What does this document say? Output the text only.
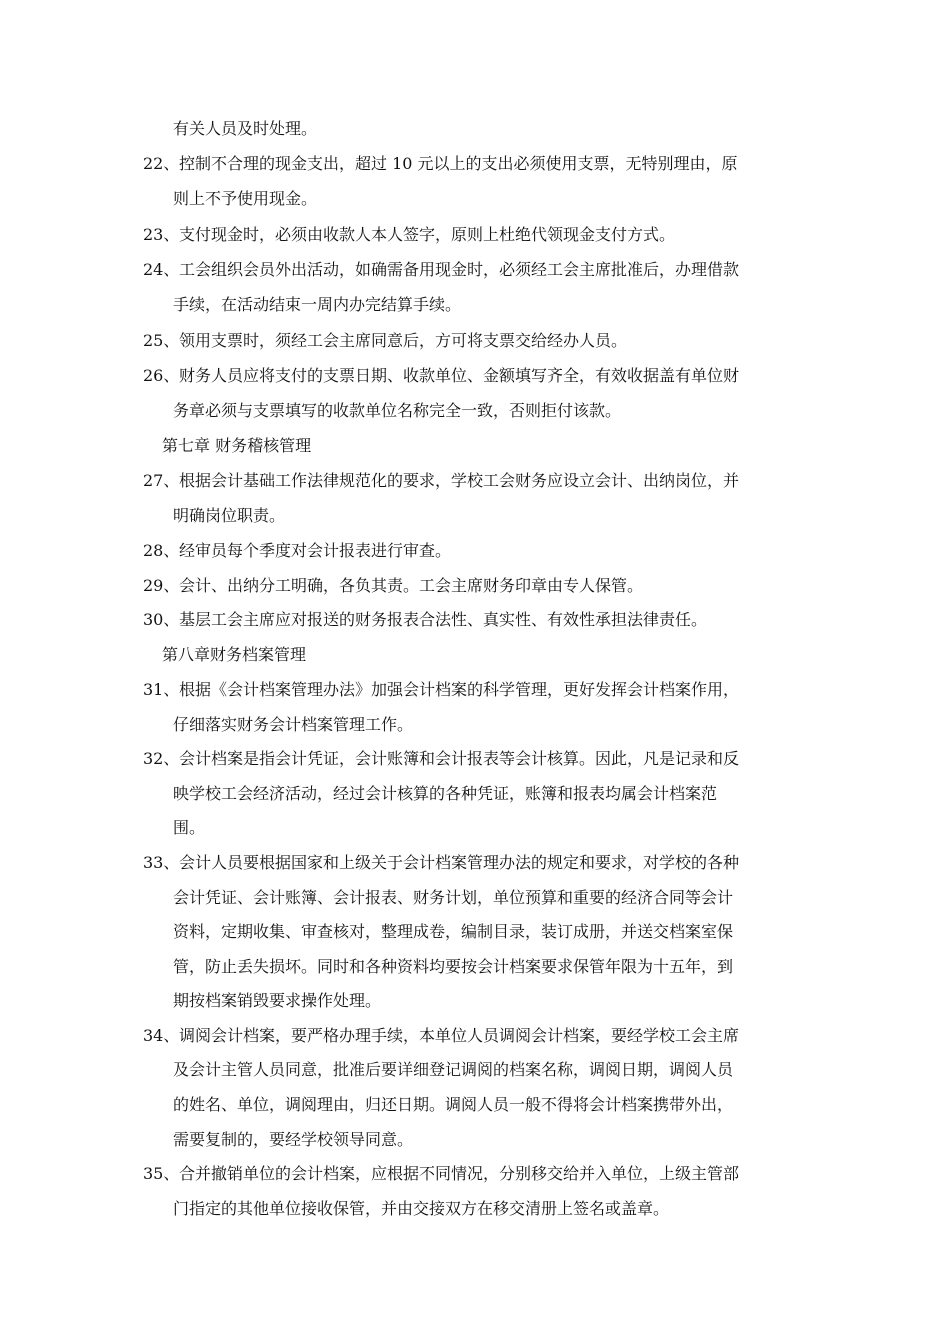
有关人员及时处理。
22、 控制不合理的现金支出，超过 10 元以上的支出必须使用支票，无特别理由，原
则上不予使用现金。
23、 支付现金时，必须由收款人本人签字，原则上杜绝代领现金支付方式。
24、 工会组织会员外出活动，如确需备用现金时，必须经工会主席批准后，办理借款
手续，在活动结束一周内办完结算手续。
25、 领用支票时，须经工会主席同意后，方可将支票交给经办人员。
26、 财务人员应将支付的支票日期、收款单位、金额填写齐全，有效收据盖有单位财
务章必须与支票填写的收款单位名称完全一致，否则拒付该款。
第七章 财务稽核管理
27、 根据会计基础工作法律规范化的要求，学校工会财务应设立会计、出纳岗位，并
明确岗位职责。
28、 经审员每个季度对会计报表进行审查。
29、 会计、出纳分工明确，各负其责。工会主席财务印章由专人保管。
30、 基层工会主席应对报送的财务报表合法性、真实性、有效性承担法律责任。
第八章财务档案管理
31、 根据《会计档案管理办法》加强会计档案的科学管理，更好发挥会计档案作用，
仔细落实财务会计档案管理工作。
32、 会计档案是指会计凭证，会计账簿和会计报表等会计核算。因此，凡是记录和反
映学校工会经济活动，经过会计核算的各种凭证，账簿和报表均属会计档案范
围。
33、 会计人员要根据国家和上级关于会计档案管理办法的规定和要求，对学校的各种
会计凭证、会计账簿、会计报表、财务计划，单位预算和重要的经济合同等会计
资料，定期收集、审查核对，整理成卷，编制目录，装订成册，并送交档案室保
管，防止丢失损坏。同时和各种资料均要按会计档案要求保管年限为十五年，到
期按档案销毁要求操作处理。
34、 调阅会计档案，要严格办理手续，本单位人员调阅会计档案，要经学校工会主席
及会计主管人员同意，批准后要详细登记调阅的档案名称，调阅日期，调阅人员
的姓名、单位，调阅理由，归还日期。调阅人员一般不得将会计档案携带外出，
需要复制的，要经学校领导同意。
35、 合并撤销单位的会计档案，应根据不同情况，分别移交给并入单位，上级主管部
门指定的其他单位接收保管，并由交接双方在移交清册上签名或盖章。
